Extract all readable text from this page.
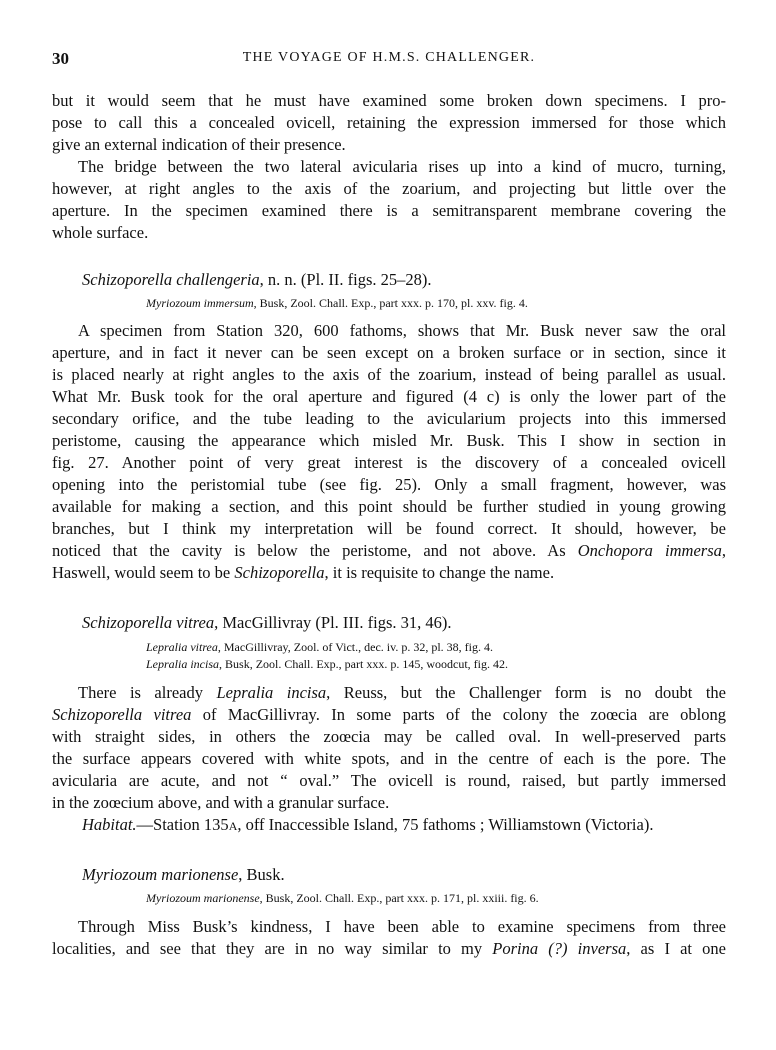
30	THE VOYAGE OF H.M.S. CHALLENGER.
but it would seem that he must have examined some broken down specimens. I pro-
pose to call this a concealed ovicell, retaining the expression immersed for those which
give an external indication of their presence.
The bridge between the two lateral avicularia rises up into a kind of mucro, turning,
however, at right angles to the axis of the zoarium, and projecting but little over the
aperture. In the specimen examined there is a semitransparent membrane covering the
whole surface.
Schizoporella challengeria, n. n. (Pl. II. figs. 25–28).
Myriozoum immersum, Busk, Zool. Chall. Exp., part xxx. p. 170, pl. xxv. fig. 4.
A specimen from Station 320, 600 fathoms, shows that Mr. Busk never saw the oral
aperture, and in fact it never can be seen except on a broken surface or in section, since it
is placed nearly at right angles to the axis of the zoarium, instead of being parallel as usual.
What Mr. Busk took for the oral aperture and figured (4 c) is only the lower part of the
secondary orifice, and the tube leading to the avicularium projects into this immersed
peristome, causing the appearance which misled Mr. Busk. This I show in section in
fig. 27. Another point of very great interest is the discovery of a concealed ovicell
opening into the peristomial tube (see fig. 25). Only a small fragment, however, was
available for making a section, and this point should be further studied in young growing
branches, but I think my interpretation will be found correct. It should, however, be
noticed that the cavity is below the peristome, and not above. As Onchopora immersa,
Haswell, would seem to be Schizoporella, it is requisite to change the name.
Schizoporella vitrea, MacGillivray (Pl. III. figs. 31, 46).
Lepralia vitrea, MacGillivray, Zool. of Vict., dec. iv. p. 32, pl. 38, fig. 4.
Lepralia incisa, Busk, Zool. Chall. Exp., part xxx. p. 145, woodcut, fig. 42.
There is already Lepralia incisa, Reuss, but the Challenger form is no doubt the
Schizoporella vitrea of MacGillivray. In some parts of the colony the zoœcia are oblong
with straight sides, in others the zoœcia may be called oval. In well-preserved parts
the surface appears covered with white spots, and in the centre of each is the pore. The
avicularia are acute, and not “ oval.” The ovicell is round, raised, but partly immersed
in the zoœcium above, and with a granular surface.
Habitat.—Station 135A, off Inaccessible Island, 75 fathoms ; Williamstown (Victoria).
Myriozoum marionense, Busk.
Myriozoum marionense, Busk, Zool. Chall. Exp., part xxx. p. 171, pl. xxiii. fig. 6.
Through Miss Busk’s kindness, I have been able to examine specimens from three
localities, and see that they are in no way similar to my Porina (?) inversa, as I at one
